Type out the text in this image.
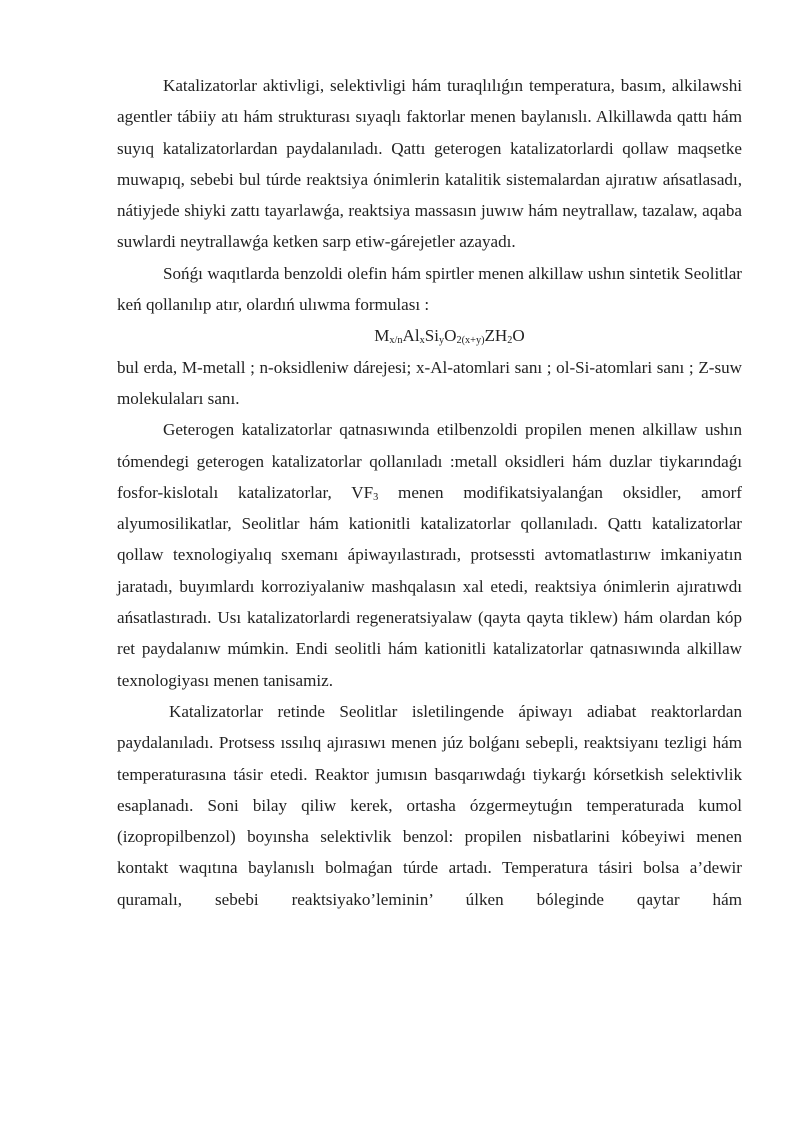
Katalizatorlar aktivligi, selektivligi hám turaqlılıǵın temperatura, basım, alkilawshi agentler tábiiy atı hám strukturası sıyaqlı faktorlar menen baylanıslı. Alkillawda qattı hám suyıq katalizatorlardan paydalanıladı. Qattı geterogen katalizatorlardi qollaw maqsetke muwapıq, sebebi bul túrde reaktsiya ónimlerin katalitik sistemalardan ajıratıw ańsatlasadı, nátiyjede shiyki zattı tayarlawǵa, reaktsiya massasın juwıw hám neytrallaw, tazalaw, aqaba suwlardi neytrallawǵa ketken sarp etiw-gárejetler azayadı.

Sońǵı waqıtlarda benzoldi olefin hám spirtler menen alkillaw ushın sintetik Seolitlar keń qollanılıp atır, olardıń ulıwma formulası :

$M_{x/n}Al_xSi_yO_{2(x+y)}ZH_2O$

bul erda, M-metall ; n-oksidleniw dárejesi; x-Al-atomlari sanı ; ol-Si-atomlari sanı ; Z-suw molekulaları sanı.

Geterogen katalizatorlar qatnasıwında etilbenzoldi propilen menen alkillaw ushın tómendegi geterogen katalizatorlar qollanıladı :metall oksidleri hám duzlar tiykarındaǵı fosfor-kislotalı katalizatorlar, $VF_3$ menen modifikatsiyalanǵan oksidler, amorf alyumosilikatlar, Seolitlar hám kationitli katalizatorlar qollanıladı. Qattı katalizatorlar qollaw texnologiyalıq sxemanı ápiwayılastıradı, protsessti avtomatlastırıw imkaniyatın jaratadı, buyımlardı korroziyalaniw mashqalasın xal etedi, reaktsiya ónimlerin ajıratıwdı ańsatlastıradı. Usı katalizatorlardi regeneratsiyalaw (qayta qayta tiklew) hám olardan kóp ret paydalanıw múmkin. Endi seolitli hám kationitli katalizatorlar qatnasıwında alkillaw texnologiyası menen tanisamiz.

Katalizatorlar retinde Seolitlar isletilingende ápiwayı adiabat reaktorlardan paydalanıladı. Protsess ıssılıq ajırasıwı menen júz bolǵanı sebepli, reaktsiyanı tezligi hám temperaturasına tásir etedi. Reaktor jumısın basqarıwdaǵı tiykarǵı kórsetkish selektivlik esaplanadı. Soni bilay qiliw kerek, ortasha ózgermeytuǵın temperaturada kumol (izopropilbenzol) boyınsha selektivlik benzol: propilen nisbatlarini kóbeyiwi menen kontakt waqıtına baylanıslı bolmaǵan túrde artadı. Temperatura tásiri bolsa a’dewir quramalı, sebebi reaktsiyako’leminin’ úlken bóleginde qaytar hám
